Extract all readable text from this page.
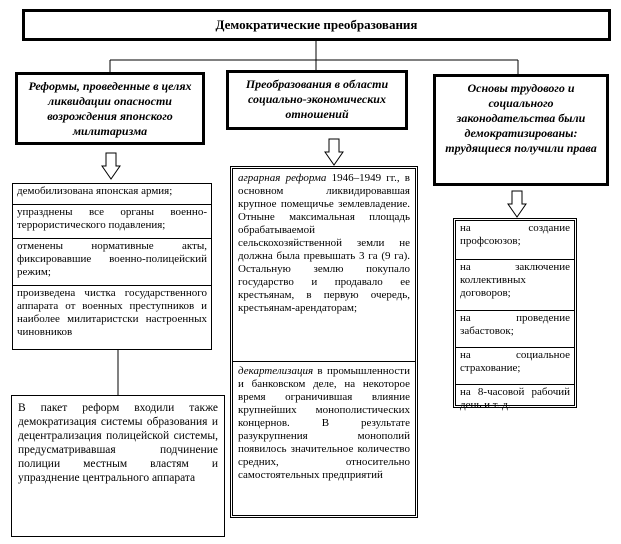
Демократические преобразования
Реформы, проведенные в целях ликвидации опасности возрождения японского милитаризма
демобилизована японская армия;
упразднены все органы военно-террористического подавления;
отменены нормативные акты, фиксировавшие военно-полицейский режим;
произведена чистка государственного аппарата от военных преступников и наиболее милитаристски настроенных чиновников
В пакет реформ входили также демократизация системы образования и децентрализация полицейской системы, предусматривавшая подчинение полиции местным властям и упразднение центрального аппарата
Преобразования в области социально-экономических отношений
аграрная реформа 1946–1949 гг., в основном ликвидировавшая крупное помещичье землевладение. Отныне максимальная площадь обрабатываемой сельскохозяйственной земли не должна была превышать 3 га (9 га). Остальную землю покупало государство и продавало ее крестьянам, в первую очередь, крестьянам-арендаторам;
декартелизация в промышленности и банковском деле, на некоторое время ограничившая влияние крупнейших монополистических концернов. В результате разукрупнения монополий появилось значительное количество средних, относительно самостоятельных предприятий
Основы трудового и социального законодательства были демократизированы: трудящиеся получили права
на создание профсоюзов;
на заключение коллективных договоров;
на проведение забастовок;
на социальное страхование;
на 8-часовой рабочий день и т. д.
